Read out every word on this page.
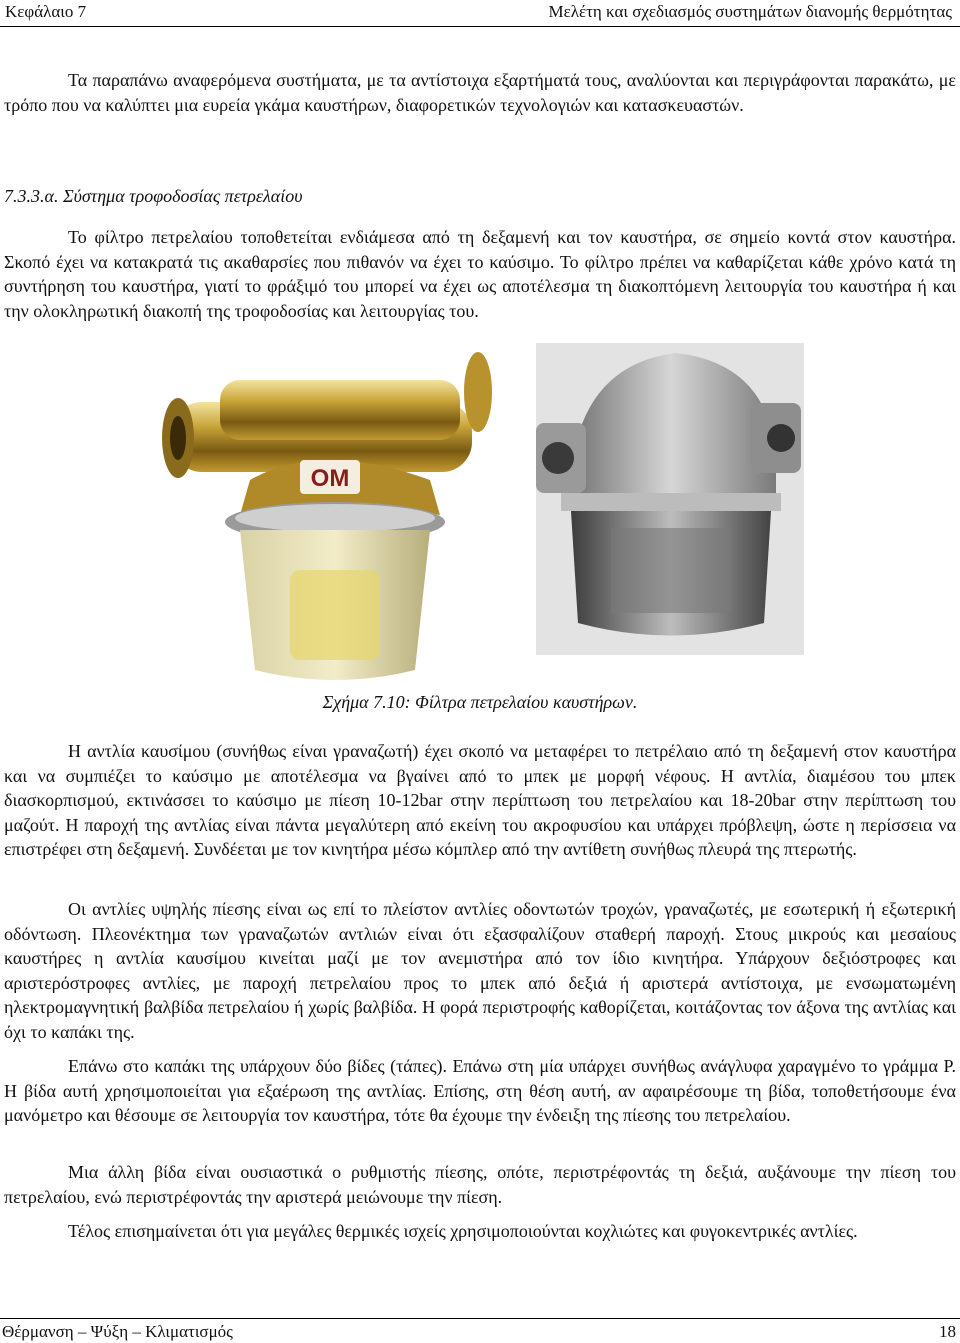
Κεφάλαιο 7	Μελέτη και σχεδιασμός συστημάτων διανομής θερμότητας

Τα παραπάνω αναφερόμενα συστήματα, με τα αντίστοιχα εξαρτήματά τους, αναλύονται και περιγράφονται παρακάτω, με τρόπο που να καλύπτει μια ευρεία γκάμα καυστήρων, διαφορετικών τεχνολογιών και κατασκευαστών.

7.3.3.α. Σύστημα τροφοδοσίας πετρελαίου

Το φίλτρο πετρελαίου τοποθετείται ενδιάμεσα από τη δεξαμενή και τον καυστήρα, σε σημείο κοντά στον καυστήρα. Σκοπό έχει να κατακρατά τις ακαθαρσίες που πιθανόν να έχει το καύσιμο. Το φίλτρο πρέπει να καθαρίζεται κάθε χρόνο κατά τη συντήρηση του καυστήρα, γιατί το φράξιμό του μπορεί να έχει ως αποτέλεσμα τη διακοπτόμενη λειτουργία του καυστήρα ή και την ολοκληρωτική διακοπή της τροφοδοσίας και λειτουργίας του.

OM
Σχήμα 7.10: Φίλτρα πετρελαίου καυστήρων.

Η αντλία καυσίμου (συνήθως είναι γραναζωτή) έχει σκοπό να μεταφέρει το πετρέλαιο από τη δεξαμενή στον καυστήρα και να συμπιέζει το καύσιμο με αποτέλεσμα να βγαίνει από το μπεκ με μορφή νέφους. Η αντλία, διαμέσου του μπεκ διασκορπισμού, εκτινάσσει το καύσιμο με πίεση 10-12bar στην περίπτωση του πετρελαίου και 18-20bar στην περίπτωση του μαζούτ. Η παροχή της αντλίας είναι πάντα μεγαλύτερη από εκείνη του ακροφυσίου και υπάρχει πρόβλεψη, ώστε η περίσσεια να επιστρέφει στη δεξαμενή. Συνδέεται με τον κινητήρα μέσω κόμπλερ από την αντίθετη συνήθως πλευρά της πτερωτής.

Οι αντλίες υψηλής πίεσης είναι ως επί το πλείστον αντλίες οδοντωτών τροχών, γραναζωτές, με εσωτερική ή εξωτερική οδόντωση. Πλεονέκτημα των γραναζωτών αντλιών είναι ότι εξασφαλίζουν σταθερή παροχή. Στους μικρούς και μεσαίους καυστήρες η αντλία καυσίμου κινείται μαζί με τον ανεμιστήρα από τον ίδιο κινητήρα. Υπάρχουν δεξιόστροφες και αριστερόστροφες αντλίες, με παροχή πετρελαίου προς το μπεκ από δεξιά ή αριστερά αντίστοιχα, με ενσωματωμένη ηλεκτρομαγνητική βαλβίδα πετρελαίου ή χωρίς βαλβίδα. Η φορά περιστροφής καθορίζεται, κοιτάζοντας τον άξονα της αντλίας και όχι το καπάκι της.

Επάνω στο καπάκι της υπάρχουν δύο βίδες (τάπες). Επάνω στη μία υπάρχει συνήθως ανάγλυφα χαραγμένο το γράμμα P. Η βίδα αυτή χρησιμοποιείται για εξαέρωση της αντλίας. Επίσης, στη θέση αυτή, αν αφαιρέσουμε τη βίδα, τοποθετήσουμε ένα μανόμετρο και θέσουμε σε λειτουργία τον καυστήρα, τότε θα έχουμε την ένδειξη της πίεσης του πετρελαίου.

Μια άλλη βίδα είναι ουσιαστικά ο ρυθμιστής πίεσης, οπότε, περιστρέφοντάς τη δεξιά, αυξάνουμε την πίεση του πετρελαίου, ενώ περιστρέφοντάς την αριστερά μειώνουμε την πίεση.

Τέλος επισημαίνεται ότι για μεγάλες θερμικές ισχείς χρησιμοποιούνται κοχλιώτες και φυγοκεντρικές αντλίες.

Θέρμανση – Ψύξη – Κλιματισμός	18
